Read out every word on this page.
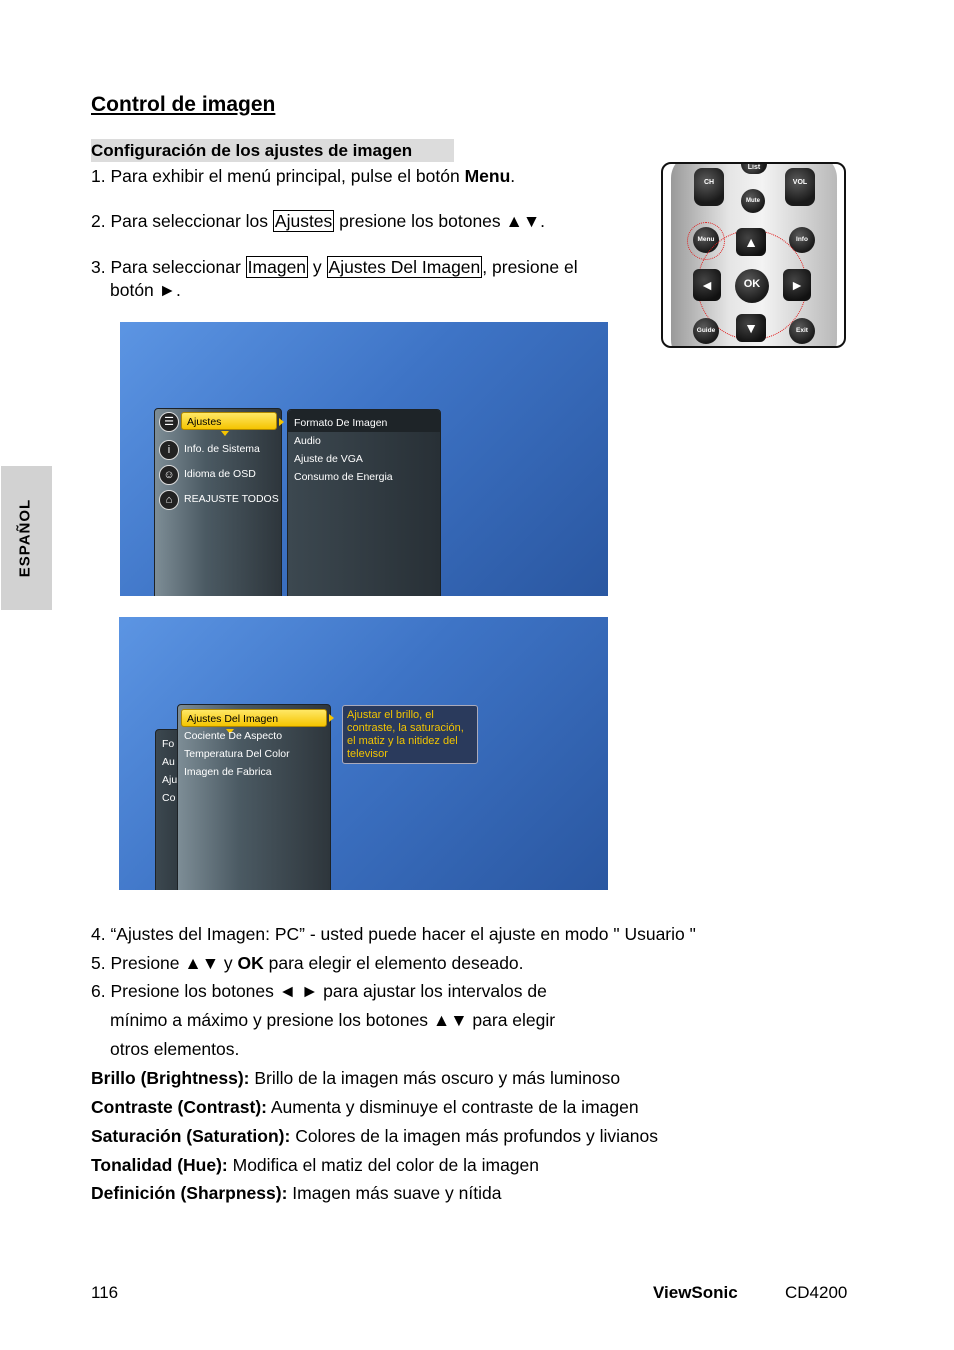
ESPAÑOL
Control de imagen
Configuración de los ajustes de imagen
1. Para exhibir el menú principal, pulse el botón Menu.
2. Para seleccionar los Ajustes presione los botones ▲▼.
3. Para seleccionar Imagen y Ajustes Del Imagen , presione el
botón ►.
List
CH	VOL
Mute
Menu	Info
▲
▼
◄	►
OK
Guide	Exit
☰	Ajustes
i	Info. de Sistema
☺ Idioma de OSD
⌂	REAJUSTE TODOS
Formato De Imagen
Audio
Ajuste de VGA
Consumo de Energia
Fo
Au
Aju
Co
Ajustes Del Imagen
Cociente De Aspecto
Temperatura Del Color
Imagen de Fabrica
Ajustar el brillo, el contraste, la saturación, el matiz y la nitidez del televisor
4. “Ajustes del Imagen: PC” - usted puede hacer el ajuste en modo " Usuario "
5. Presione ▲▼ y OK para elegir el elemento deseado.
6. Presione los botones ◄ ► para ajustar los intervalos de
mínimo a máximo y presione los botones ▲▼ para elegir
otros elementos.
Brillo (Brightness): Brillo de la imagen más oscuro y más luminoso
Contraste (Contrast): Aumenta y disminuye el contraste de la imagen
Saturación (Saturation): Colores de la imagen más profundos y livianos
Tonalidad (Hue): Modifica el matiz del color de la imagen
Definición (Sharpness): Imagen más suave y nítida
116	ViewSonic	CD4200
